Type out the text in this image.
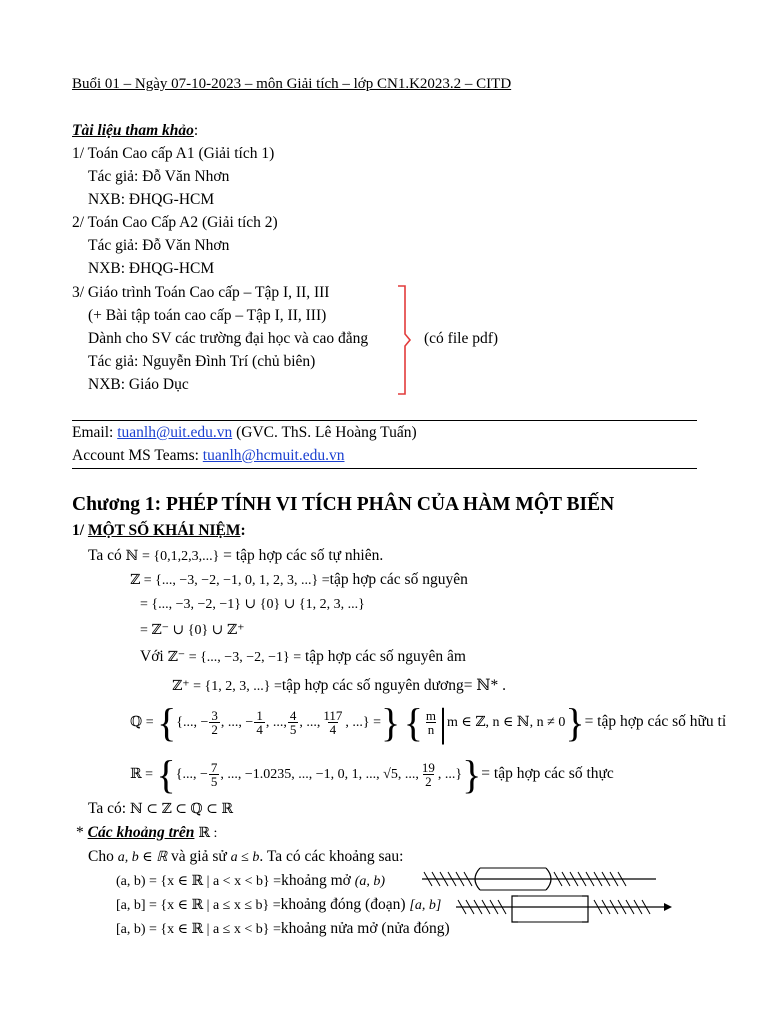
Buổi 01 – Ngày 07-10-2023 – môn Giải tích – lớp CN1.K2023.2 – CITD
Tài liệu tham khảo:
1/ Toán Cao cấp A1 (Giải tích 1)
Tác giả: Đỗ Văn Nhơn
NXB: ĐHQG-HCM
2/ Toán Cao Cấp A2 (Giải tích 2)
Tác giả: Đỗ Văn Nhơn
NXB: ĐHQG-HCM
3/ Giáo trình Toán Cao cấp – Tập I, II, III
(+ Bài tập toán cao cấp – Tập I, II, III)
Dành cho SV các trường đại học và cao đẳng
Tác giả: Nguyễn Đình Trí (chủ biên)
NXB: Giáo Dục
(có file pdf)
Email: tuanlh@uit.edu.vn (GVC. ThS. Lê Hoàng Tuấn)
Account MS Teams: tuanlh@hcmuit.edu.vn
Chương 1: PHÉP TÍNH VI TÍCH PHÂN CỦA HÀM MỘT BIẾN
1/ MỘT SỐ KHÁI NIỆM:
Ta có ℕ = {0,1,2,3,...} = tập hợp các số tự nhiên.
ℤ = {..., −3, −2, −1, 0, 1, 2, 3, ...} =tập hợp các số nguyên
= {..., −3, −2, −1} ∪ {0} ∪ {1, 2, 3, ...}
= ℤ⁻ ∪ {0} ∪ ℤ⁺
Với ℤ⁻ = {..., −3, −2, −1} = tập hợp các số nguyên âm
ℤ⁺ = {1, 2, 3, ...} =tập hợp các số nguyên dương= ℕ* .
ℚ = {{..., − $\frac{3}{2}$ , ..., − $\frac{1}{4}$ , ..., $\frac{4}{5}$ , ..., $\frac{117}{4}$ , ...} =} { $\frac{m}{n} |m$ ∈ ℤ, n ∈ ℕ, n ≠ 0}= tập hợp các số hữu tỉ
ℝ = {{..., − $\frac{7}{5}$ , ..., −1.0235, ..., −1, 0, 1, ..., √5, ..., $\frac{19}{2}$ , ...}}= tập hợp các số thực
Ta có: ℕ ⊂ ℤ ⊂ ℚ ⊂ ℝ
* Các khoảng trên ℝ :
Cho a, b ∈ ℝ và giả sử a ≤ b. Ta có các khoảng sau:
(a, b) = {x ∈ ℝ | a < x < b} =khoảng mở (a, b)
[a, b] = {x ∈ ℝ | a ≤ x ≤ b} =khoảng đóng (đoạn) [a, b]
[a, b) = {x ∈ ℝ | a ≤ x < b} =khoảng nửa mở (nửa đóng)
